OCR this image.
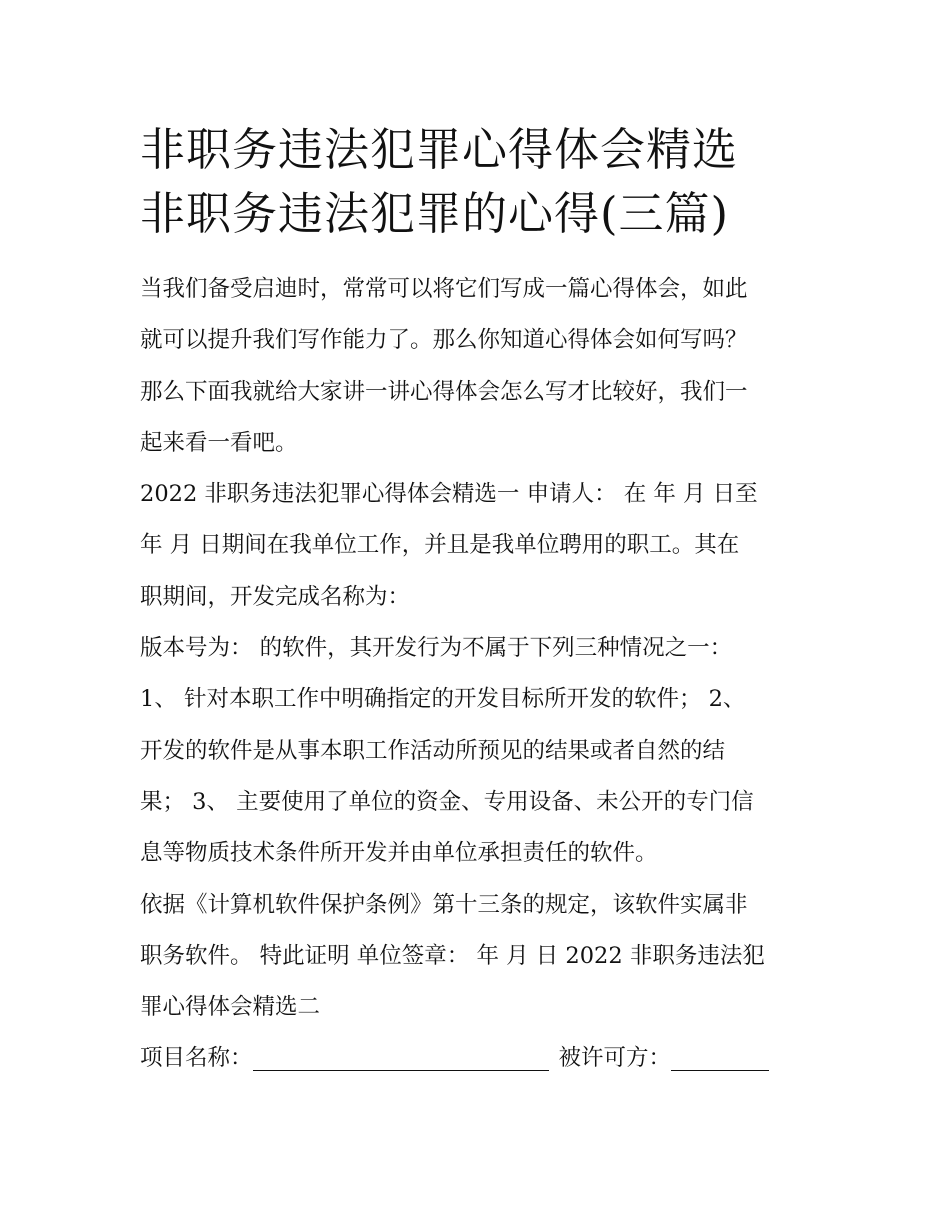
非职务违法犯罪心得体会精选
非职务违法犯罪的心得(三篇)

当我们备受启迪时，常常可以将它们写成一篇心得体会，如此
就可以提升我们写作能力了。那么你知道心得体会如何写吗？
那么下面我就给大家讲一讲心得体会怎么写才比较好，我们一
起来看一看吧。

2022 非职务违法犯罪心得体会精选一 申请人： 在 年 月 日至
年 月 日期间在我单位工作，并且是我单位聘用的职工。其在
职期间，开发完成名称为：

版本号为： 的软件，其开发行为不属于下列三种情况之一：

1、 针对本职工作中明确指定的开发目标所开发的软件； 2、
开发的软件是从事本职工作活动所预见的结果或者自然的结
果； 3、 主要使用了单位的资金、专用设备、未公开的专门信
息等物质技术条件所开发并由单位承担责任的软件。

依据《计算机软件保护条例》第十三条的规定，该软件实属非
职务软件。 特此证明 单位签章： 年 月 日 2022 非职务违法犯
罪心得体会精选二

项目名称：	被许可方：
